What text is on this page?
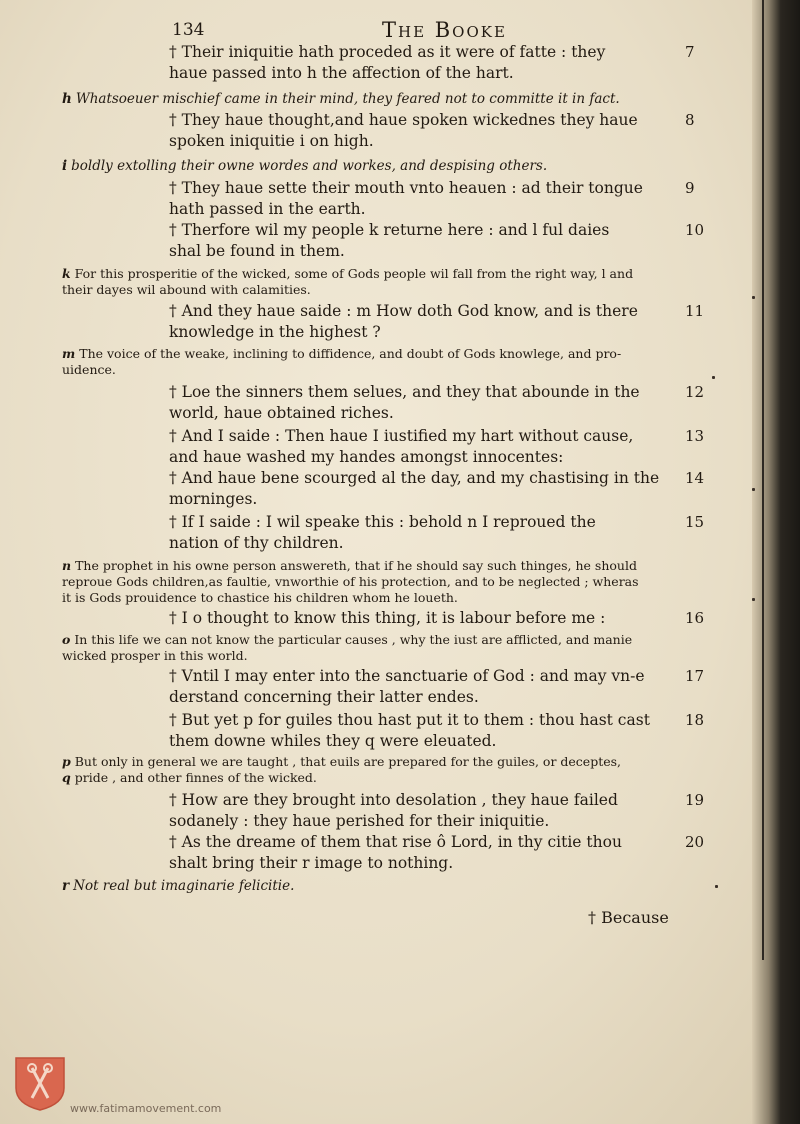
134	The Booke
† Their iniquitie hath proceded as it were of fatte : they
haue passed into h the affection of the hart.
7
h Whatsoeuer mischief came in their mind, they feared not to committe it in fact.
† They haue thought,and haue spoken wickednes they haue
spoken iniquitie i on high.
8
i boldly extolling their owne wordes and workes, and despising others.
† They haue sette their mouth vnto heauen : ad their tongue
hath passed in the earth.
9
† Therfore wil my people k returne here : and l ful daies
shal be found in them.
10
k For this prosperitie of the wicked, some of Gods people wil fall from the right way, l and
their dayes wil abound with calamities.
† And they haue saide : m How doth God know, and is there
knowledge in the highest ?
11
m The voice of the weake, inclining to diffidence, and doubt of Gods knowlege, and pro-
uidence.
† Loe the sinners them selues, and they that abounde in the
world, haue obtained riches.
12
† And I saide : Then haue I iustified my hart without cause,
and haue washed my handes amongst innocentes:
13
† And haue bene scourged al the day, and my chastising in the
morninges.
14
† If I saide : I wil speake this : behold n I reproued the
nation of thy children.
15
n The prophet in his owne person answereth, that if he should say such thinges, he should
reproue Gods children,as faultie, vnworthie of his protection, and to be neglected ; wheras
it is Gods prouidence to chastice his children whom he loueth.
† I o thought to know this thing, it is labour before me :	16
o In this life we can not know the particular causes , why the iust are afflicted, and manie
wicked prosper in this world.
† Vntil I may enter into the sanctuarie of God : and may vn-e
derstand concerning their latter endes.
17
† But yet p for guiles thou hast put it to them : thou hast cast
them downe whiles they q were eleuated.
18
p But only in general we are taught , that euils are prepared for the guiles, or deceptes,
q pride , and other finnes of the wicked.
† How are they brought into desolation , they haue failed
sodanely : they haue perished for their iniquitie.
19
† As the dreame of them that rise ô Lord, in thy citie thou
shalt bring their r image to nothing.
20
r Not real but imaginarie felicitie.
† Because
www.fatimamovement.com
